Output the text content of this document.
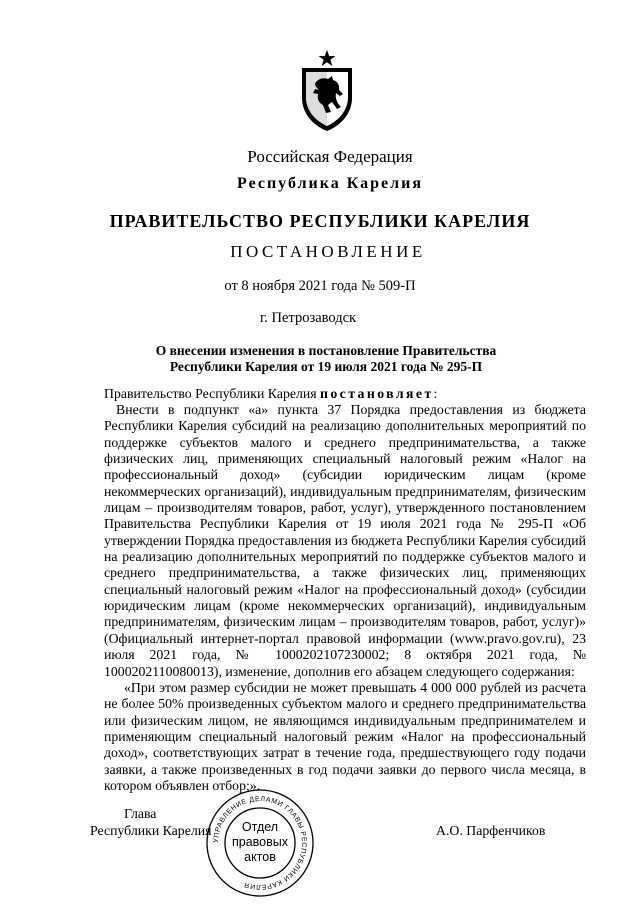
Российская Федерация
Республика Карелия
ПРАВИТЕЛЬСТВО РЕСПУБЛИКИ КАРЕЛИЯ
ПОСТАНОВЛЕНИЕ
от 8 ноября 2021 года № 509-П
г. Петрозаводск
О внесении изменения в постановление Правительства
Республики Карелия от 19 июля 2021 года № 295-П
Правительство Республики Карелия постановляет:
Внести в подпункт «а» пункта 37 Порядка предоставления из бюджета Республики Карелия субсидий на реализацию дополнительных мероприятий по поддержке субъектов малого и среднего предпринимательства, а также физических лиц, применяющих специальный налоговый режим «Налог на профессиональный доход» (субсидии юридическим лицам (кроме некоммерческих организаций), индивидуальным предпринимателям, физическим лицам – производителям товаров, работ, услуг), утвержденного постановлением Правительства Республики Карелия от 19 июля 2021 года № 295-П «Об утверждении Порядка предоставления из бюджета Республики Карелия субсидий на реализацию дополнительных мероприятий по поддержке субъектов малого и среднего предпринимательства, а также физических лиц, применяющих специальный налоговый режим «Налог на профессиональный доход» (субсидии юридическим лицам (кроме некоммерческих организаций), индивидуальным предпринимателям, физическим лицам – производителям товаров, работ, услуг)» (Официальный интернет-портал правовой информации (www.pravo.gov.ru), 23 июля 2021 года, № 1000202107230002; 8 октября 2021 года, № 1000202110080013), изменение, дополнив его абзацем следующего содержания:
«При этом размер субсидии не может превышать 4 000 000 рублей из расчета не более 50% произведенных субъектом малого и среднего предпринимательства или физическим лицом, не являющимся индивидуальным предпринимателем и применяющим специальный налоговый режим «Налог на профессиональный доход», соответствующих затрат в течение года, предшествующего году подачи заявки, а также произведенных в год подачи заявки до первого числа месяца, в котором объявлен отбор;».
Глава
Республики Карелия	А.О. Парфенчиков
УПРАВЛЕНИЕ ДЕЛАМИ ГЛАВЫ РЕСПУБЛИКИ КАРЕЛИЯ
Отдел
правовых
актов
